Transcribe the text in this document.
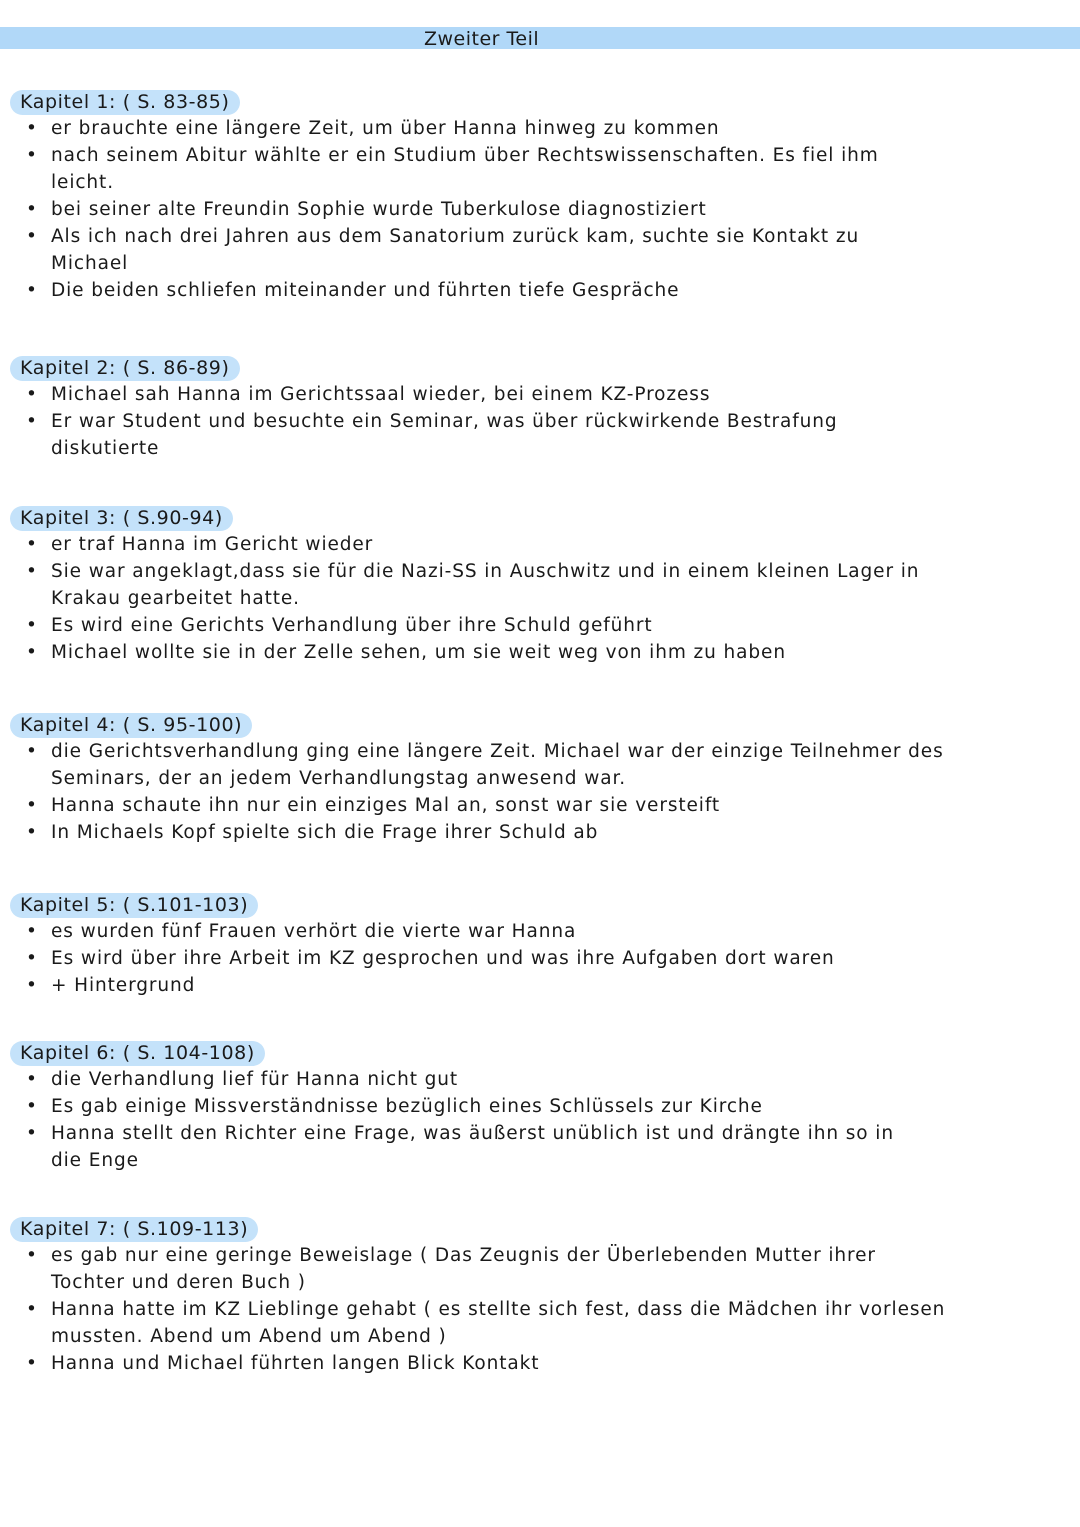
Zweiter Teil
Kapitel 1: ( S. 83-85)
• er brauchte eine längere Zeit, um über Hanna hinweg zu kommen
• nach seinem Abitur wählte er ein Studium über Rechtswissenschaften. Es fiel ihm
leicht.
• bei seiner alte Freundin Sophie wurde Tuberkulose diagnostiziert
• Als ich nach drei Jahren aus dem Sanatorium zurück kam, suchte sie Kontakt zu
Michael
• Die beiden schliefen miteinander und führten tiefe Gespräche
Kapitel 2: ( S. 86-89)
• Michael sah Hanna im Gerichtssaal wieder, bei einem KZ-Prozess
• Er war Student und besuchte ein Seminar, was über rückwirkende Bestrafung
diskutierte
Kapitel 3: ( S.90-94)
• er traf Hanna im Gericht wieder
• Sie war angeklagt,dass sie für die Nazi-SS in Auschwitz und in einem kleinen Lager in
Krakau gearbeitet hatte.
• Es wird eine Gerichts Verhandlung über ihre Schuld geführt
• Michael wollte sie in der Zelle sehen, um sie weit weg von ihm zu haben
Kapitel 4: ( S. 95-100)
• die Gerichtsverhandlung ging eine längere Zeit. Michael war der einzige Teilnehmer des
Seminars, der an jedem Verhandlungstag anwesend war.
• Hanna schaute ihn nur ein einziges Mal an, sonst war sie versteift
• In Michaels Kopf spielte sich die Frage ihrer Schuld ab
Kapitel 5: ( S.101-103)
• es wurden fünf Frauen verhört die vierte war Hanna
• Es wird über ihre Arbeit im KZ gesprochen und was ihre Aufgaben dort waren
• + Hintergrund
Kapitel 6: ( S. 104-108)
• die Verhandlung lief für Hanna nicht gut
• Es gab einige Missverständnisse bezüglich eines Schlüssels zur Kirche
• Hanna stellt den Richter eine Frage, was äußerst unüblich ist und drängte ihn so in
die Enge
Kapitel 7: ( S.109-113)
• es gab nur eine geringe Beweislage ( Das Zeugnis der Überlebenden Mutter ihrer
Tochter und deren Buch )
• Hanna hatte im KZ Lieblinge gehabt ( es stellte sich fest, dass die Mädchen ihr vorlesen
mussten. Abend um Abend um Abend )
• Hanna und Michael führten langen Blick Kontakt
